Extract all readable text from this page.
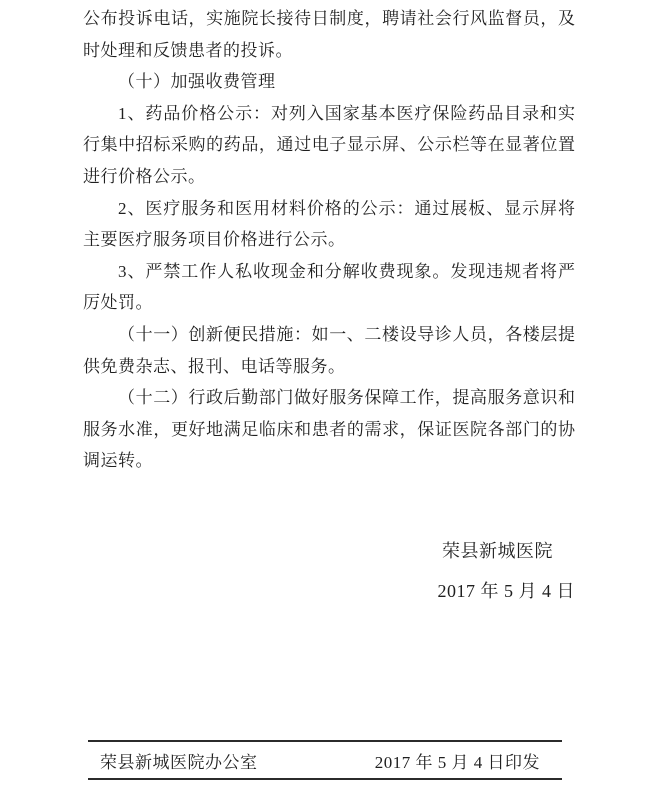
公布投诉电话，实施院长接待日制度，聘请社会行风监督员，及
时处理和反馈患者的投诉。
（十）加强收费管理
1、药品价格公示：对列入国家基本医疗保险药品目录和实
行集中招标采购的药品，通过电子显示屏、公示栏等在显著位置
进行价格公示。
2、医疗服务和医用材料价格的公示：通过展板、显示屏将
主要医疗服务项目价格进行公示。
3、严禁工作人私收现金和分解收费现象。发现违规者将严
厉处罚。
（十一）创新便民措施：如一、二楼设导诊人员，各楼层提
供免费杂志、报刊、电话等服务。
（十二）行政后勤部门做好服务保障工作，提高服务意识和
服务水准，更好地满足临床和患者的需求，保证医院各部门的协
调运转。
荣县新城医院
2017 年 5 月 4 日
荣县新城医院办公室	2017 年 5 月 4 日印发
